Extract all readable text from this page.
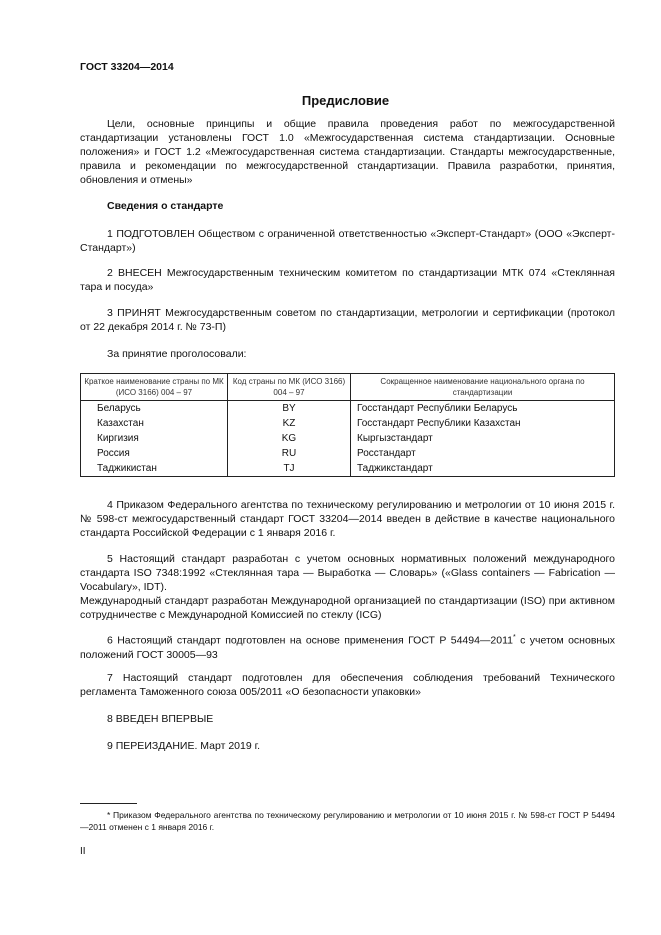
ГОСТ 33204—2014
Предисловие
Цели, основные принципы и общие правила проведения работ по межгосударственной стандартизации установлены ГОСТ 1.0 «Межгосударственная система стандартизации. Основные положения» и ГОСТ 1.2 «Межгосударственная система стандартизации. Стандарты межгосударственные, правила и рекомендации по межгосударственной стандартизации. Правила разработки, принятия, обновления и отмены»
Сведения о стандарте
1 ПОДГОТОВЛЕН Обществом с ограниченной ответственностью «Эксперт-Стандарт» (ООО «Эксперт-Стандарт»)
2 ВНЕСЕН Межгосударственным техническим комитетом по стандартизации МТК 074 «Стеклянная тара и посуда»
3 ПРИНЯТ Межгосударственным советом по стандартизации, метрологии и сертификации (протокол от 22 декабря 2014 г. № 73-П)
За принятие проголосовали:
Краткое наименование страны по МК (ИСО 3166) 004 – 97	Код страны по МК (ИСО 3166) 004 – 97	Сокращенное наименование национального органа по стандартизации
Беларусь	BY	Госстандарт Республики Беларусь
Казахстан	KZ	Госстандарт Республики Казахстан
Киргизия	KG	Кыргызстандарт
Россия	RU	Росстандарт
Таджикистан	TJ	Таджикстандарт
4 Приказом Федерального агентства по техническому регулированию и метрологии от 10 июня 2015 г. № 598-ст межгосударственный стандарт ГОСТ 33204—2014 введен в действие в качестве национального стандарта Российской Федерации с 1 января 2016 г.
5 Настоящий стандарт разработан с учетом основных нормативных положений международного стандарта ISO 7348:1992 «Стеклянная тара — Выработка — Словарь» («Glass containers — Fabrication — Vocabulary», IDT).
Международный стандарт разработан Международной организацией по стандартизации (ISO) при активном сотрудничестве с Международной Комиссией по стеклу (ICG)
6 Настоящий стандарт подготовлен на основе применения ГОСТ Р 54494—2011* с учетом основных положений ГОСТ 30005—93
7 Настоящий стандарт подготовлен для обеспечения соблюдения требований Технического регламента Таможенного союза 005/2011 «О безопасности упаковки»
8 ВВЕДЕН ВПЕРВЫЕ
9 ПЕРЕИЗДАНИЕ. Март 2019 г.
* Приказом Федерального агентства по техническому регулированию и метрологии от 10 июня 2015 г. № 598-ст ГОСТ Р 54494—2011 отменен с 1 января 2016 г.
II
